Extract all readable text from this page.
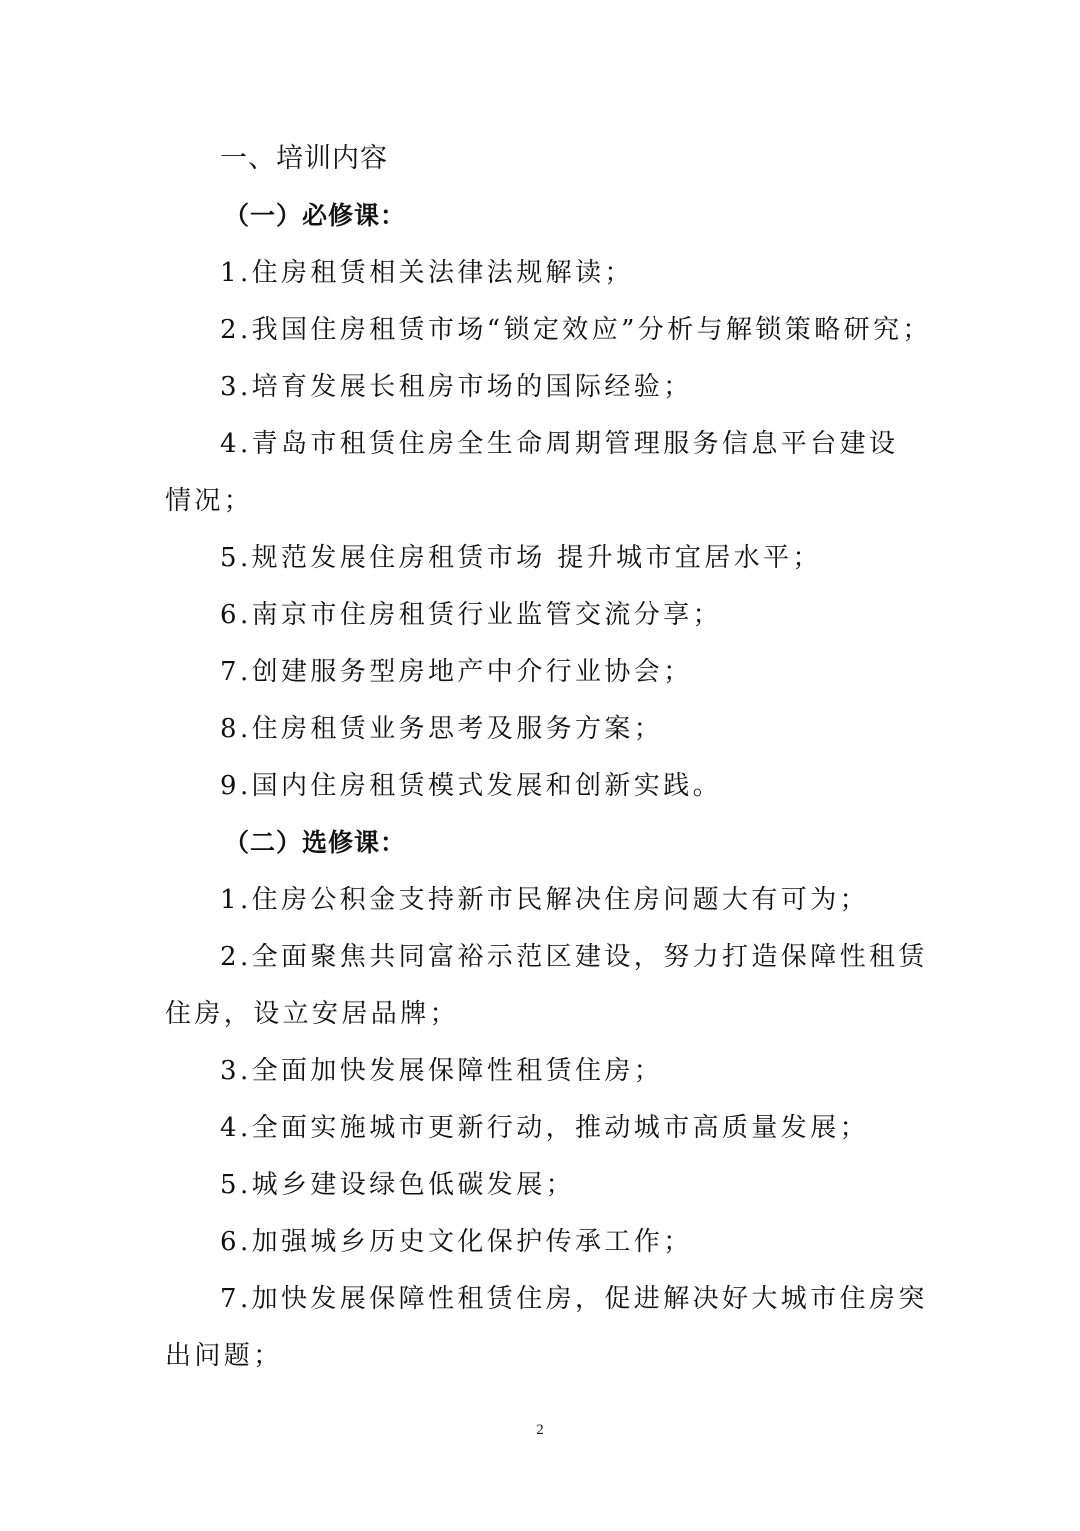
一、培训内容
（一）必修课：
1.住房租赁相关法律法规解读；
2.我国住房租赁市场“锁定效应”分析与解锁策略研究；
3.培育发展长租房市场的国际经验；
4.青岛市租赁住房全生命周期管理服务信息平台建设
情况；
5.规范发展住房租赁市场 提升城市宜居水平；
6.南京市住房租赁行业监管交流分享；
7.创建服务型房地产中介行业协会；
8.住房租赁业务思考及服务方案；
9.国内住房租赁模式发展和创新实践。
（二）选修课：
1.住房公积金支持新市民解决住房问题大有可为；
2.全面聚焦共同富裕示范区建设，努力打造保障性租赁
住房，设立安居品牌；
3.全面加快发展保障性租赁住房；
4.全面实施城市更新行动，推动城市高质量发展；
5.城乡建设绿色低碳发展；
6.加强城乡历史文化保护传承工作；
7.加快发展保障性租赁住房，促进解决好大城市住房突
出问题；
2
